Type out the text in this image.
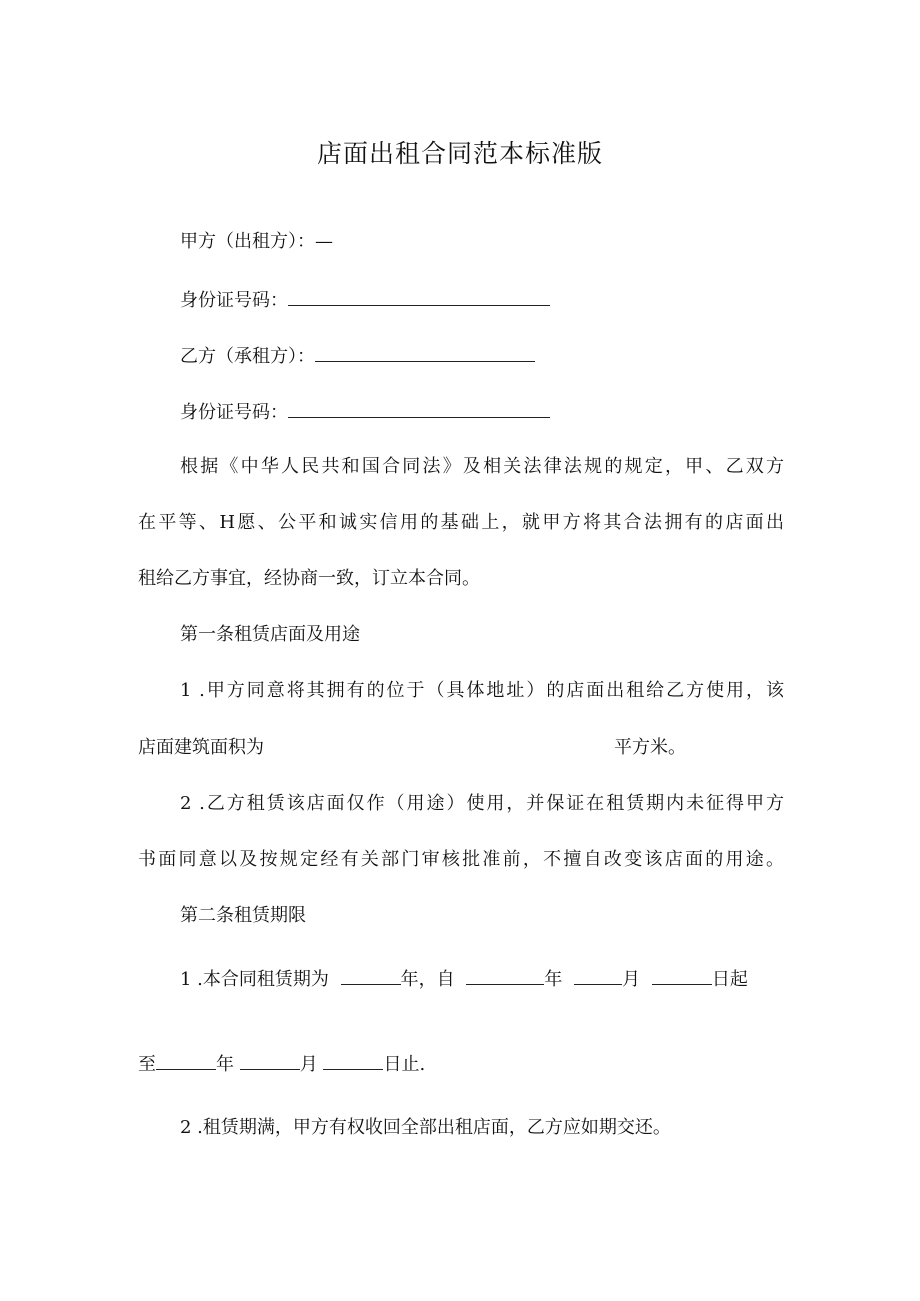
店面出租合同范本标准版
甲方（出租方）：—
身份证号码：
乙方（承租方）：
身份证号码：
根据《中华人民共和国合同法》及相关法律法规的规定，甲、乙双方
在平等、H愿、公平和诚实信用的基础上，就甲方将其合法拥有的店面出
租给乙方事宜，经协商一致，订立本合同。
第一条租赁店面及用途
1 .甲方同意将其拥有的位于（具体地址）的店面出租给乙方使用，该
店面建筑面积为	平方米。
2 .乙方租赁该店面仅作（用途）使用，并保证在租赁期内未征得甲方
书面同意以及按规定经有关部门审核批准前，不擅自改变该店面的用途。
第二条租赁期限
1 .本合同租赁期为	年，自	年	月	日起
至	年	月	日止.
2 .租赁期满，甲方有权收回全部出租店面，乙方应如期交还。
